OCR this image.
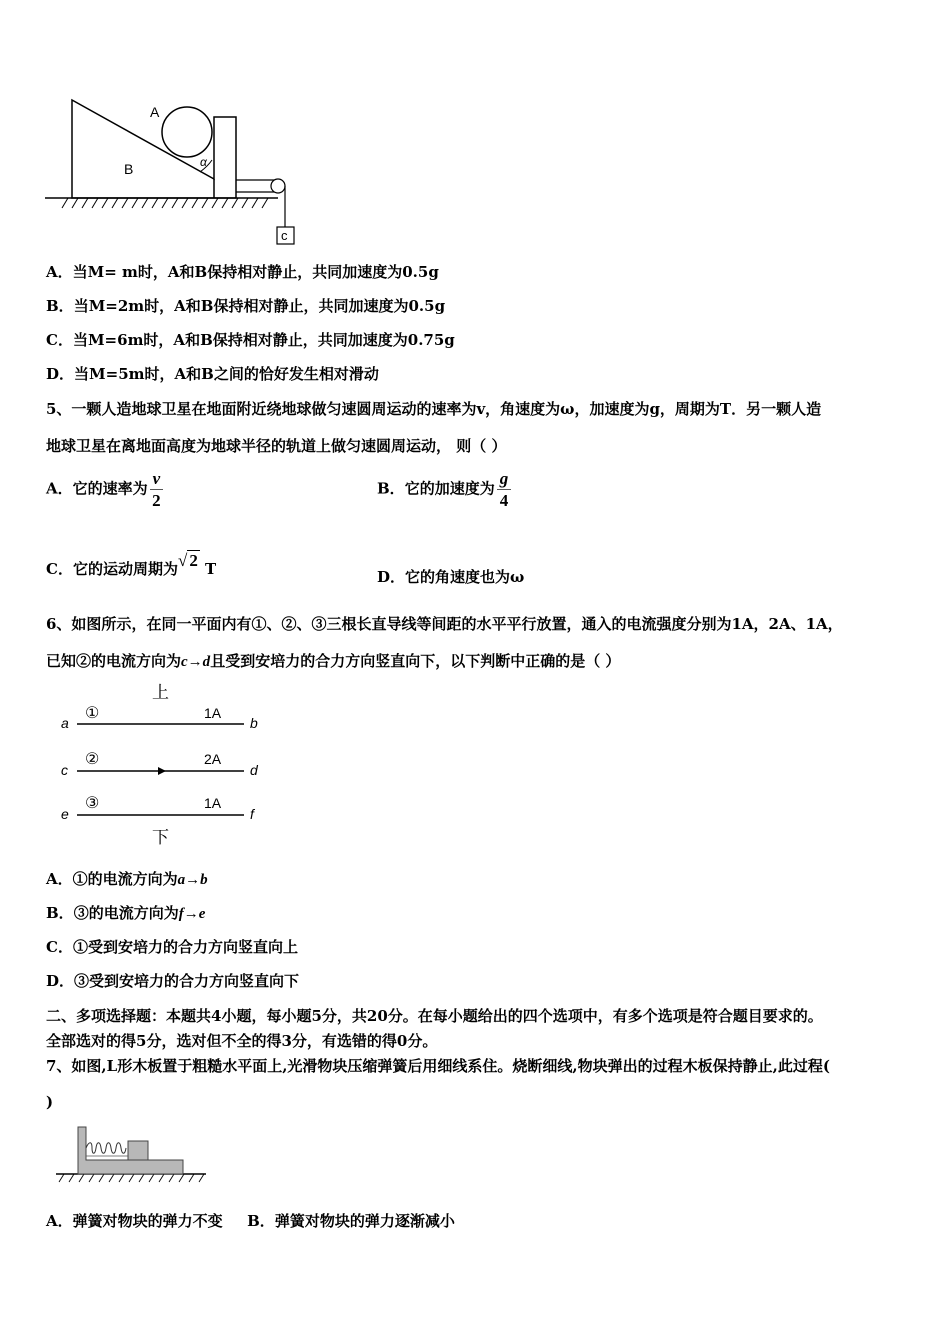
A
B	α
c
A．当M= m时，A和B保持相对静止，共同加速度为0.5g
B．当M=2m时，A和B保持相对静止，共同加速度为0.5g
C．当M=6m时，A和B保持相对静止，共同加速度为0.75g
D．当M=5m时，A和B之间的恰好发生相对滑动
5、一颗人造地球卫星在地面附近绕地球做匀速圆周运动的速率为v，角速度为ω，加速度为g，周期为T．另一颗人造
地球卫星在离地面高度为地球半径的轨道上做匀速圆周运动， 则（ ）
A．它的速率为 $\frac{v}{2}$	B．它的加速度为 $\frac{g}{4}$
C．它的运动周期为√ 2 T	D．它的角速度也为ω
6、如图所示，在同一平面内有①、②、③三根长直导线等间距的水平平行放置，通入的电流强度分别为1A，2A、1A，
已知②的电流方向为c→d且受到安培力的合力方向竖直向下，以下判断中正确的是（ ）
上
a
①	1A
b
c
②	2A
d
e
③	1A
f
下
A．①的电流方向为a→b
B．③的电流方向为f→e
C．①受到安培力的合力方向竖直向上
D．③受到安培力的合力方向竖直向下
二、多项选择题：本题共4小题，每小题5分，共20分。在每小题给出的四个选项中，有多个选项是符合题目要求的。
全部选对的得5分，选对但不全的得3分，有选错的得0分。
7、如图,L形木板置于粗糙水平面上,光滑物块压缩弹簧后用细线系住。烧断细线,物块弹出的过程木板保持静止,此过程(
)
A．弹簧对物块的弹力不变 B．弹簧对物块的弹力逐渐减小
